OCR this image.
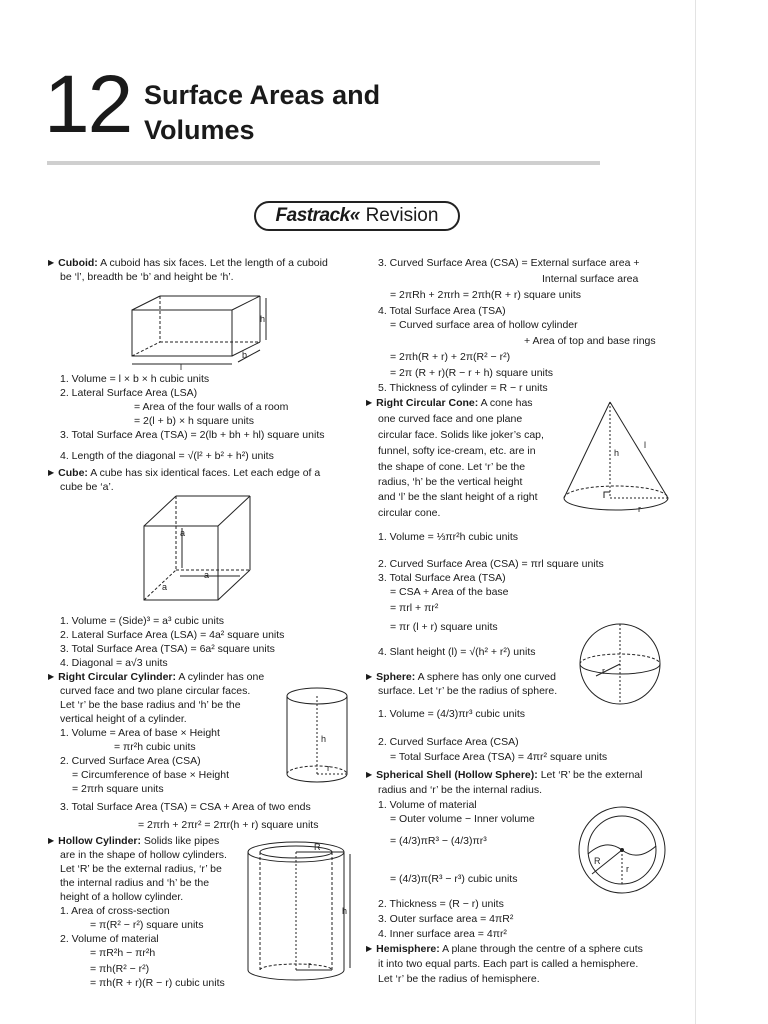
12 Surface Areas and
Volumes
Fastrack« Revision
▶ Cuboid: A cuboid has six faces. Let the length of a cuboid
be ‘l’, breadth be ‘b’ and height be ‘h’.
1. Volume = l × b × h cubic units
2. Lateral Surface Area (LSA)
= Area of the four walls of a room
= 2(l + b) × h square units
3. Total Surface Area (TSA) = 2(lb + bh + hl) square units
4. Length of the diagonal = √(l² + b² + h²) units
▶ Cube: A cube has six identical faces. Let each edge of a
cube be ‘a’.
1. Volume = (Side)³ = a³ cubic units
2. Lateral Surface Area (LSA) = 4a² square units
3. Total Surface Area (TSA) = 6a² square units
4. Diagonal = a√3 units
▶ Right Circular Cylinder: A cylinder has one
curved face and two plane circular faces.
Let ‘r’ be the base radius and ‘h’ be the
vertical height of a cylinder.
1. Volume = Area of base × Height
= πr²h cubic units
2. Curved Surface Area (CSA)
= Circumference of base × Height
= 2πrh square units
3. Total Surface Area (TSA) = CSA + Area of two ends
= 2πrh + 2πr² = 2πr(h + r) square units
▶ Hollow Cylinder: Solids like pipes
are in the shape of hollow cylinders.
Let ‘R’ be the external radius, ‘r’ be
the internal radius and ‘h’ be the
height of a hollow cylinder.
1. Area of cross-section
= π(R² − r²) square units
2. Volume of material
= πR²h − πr²h
= πh(R² − r²)
= πh(R + r)(R − r) cubic units
3. Curved Surface Area (CSA) = External surface area +
Internal surface area
= 2πRh + 2πrh = 2πh(R + r) square units
4. Total Surface Area (TSA)
= Curved surface area of hollow cylinder
+ Area of top and base rings
= 2πh(R + r) + 2π(R² − r²)
= 2π (R + r)(R − r + h) square units
5. Thickness of cylinder = R − r units
▶ Right Circular Cone: A cone has
one curved face and one plane
circular face. Solids like joker’s cap,
funnel, softy ice-cream, etc. are in
the shape of cone. Let ‘r’ be the
radius, ‘h’ be the vertical height
and ‘l’ be the slant height of a right
circular cone.
1. Volume = ⅓πr²h cubic units
2. Curved Surface Area (CSA) = πrl square units
3. Total Surface Area (TSA)
= CSA + Area of the base
= πrl + πr²
= πr (l + r) square units
4. Slant height (l) = √(h² + r²) units
▶ Sphere: A sphere has only one curved
surface. Let ‘r’ be the radius of sphere.
1. Volume = (4/3)πr³ cubic units
2. Curved Surface Area (CSA)
= Total Surface Area (TSA) = 4πr² square units
▶ Spherical Shell (Hollow Sphere): Let ‘R’ be the external
radius and ‘r’ be the internal radius.
1. Volume of material
= Outer volume − Inner volume
= (4/3)πR³ − (4/3)πr³
= (4/3)π(R³ − r³) cubic units
2. Thickness = (R − r) units
3. Outer surface area = 4πR²
4. Inner surface area = 4πr²
▶ Hemisphere: A plane through the centre of a sphere cuts
it into two equal parts. Each part is called a hemisphere.
Let ‘r’ be the radius of hemisphere.
h
l
b
a
a
a
h
r
R
r
h
h
l
r
r
R
r
